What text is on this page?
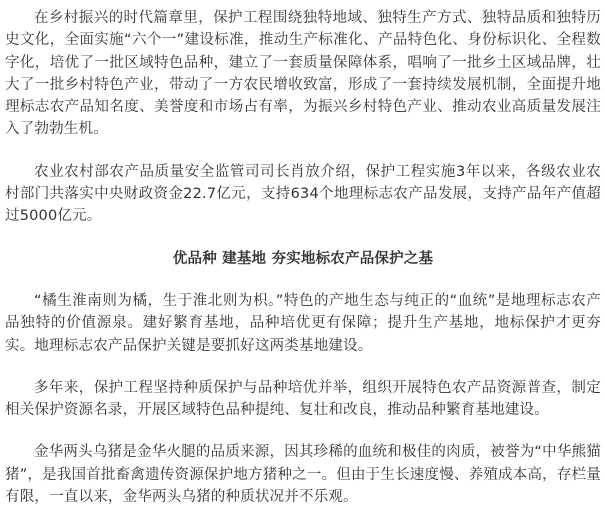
在乡村振兴的时代篇章里，保护工程围绕独特地域、独特生产方式、独特品质和独特历史文化，全面实施“六个一”建设标准，推动生产标准化、产品特色化、身份标识化、全程数字化，培优了一批区域特色品种，建立了一套质量保障体系，唱响了一批乡土区域品牌，壮大了一批乡村特色产业，带动了一方农民增收致富，形成了一套持续发展机制，全面提升地理标志农产品知名度、美誉度和市场占有率，为振兴乡村特色产业、推动农业高质量发展注入了勃勃生机。

农业农村部农产品质量安全监管司司长肖放介绍，保护工程实施3年以来，各级农业农村部门共落实中央财政资金22.7亿元，支持634个地理标志农产品发展，支持产品年产值超过5000亿元。

优品种 建基地 夯实地标农产品保护之基

“橘生淮南则为橘，生于淮北则为枳。”特色的产地生态与纯正的“血统”是地理标志农产品独特的价值源泉。建好繁育基地，品种培优更有保障；提升生产基地，地标保护才更夯实。地理标志农产品保护关键是要抓好这两类基地建设。

多年来，保护工程坚持种质保护与品种培优并举，组织开展特色农产品资源普查，制定相关保护资源名录，开展区域特色品种提纯、复壮和改良，推动品种繁育基地建设。

金华两头乌猪是金华火腿的品质来源，因其珍稀的血统和极佳的肉质，被誉为“中华熊猫猪”，是我国首批畜禽遗传资源保护地方猪种之一。但由于生长速度慢、养殖成本高，存栏量有限，一直以来，金华两头乌猪的种质状况并不乐观。
